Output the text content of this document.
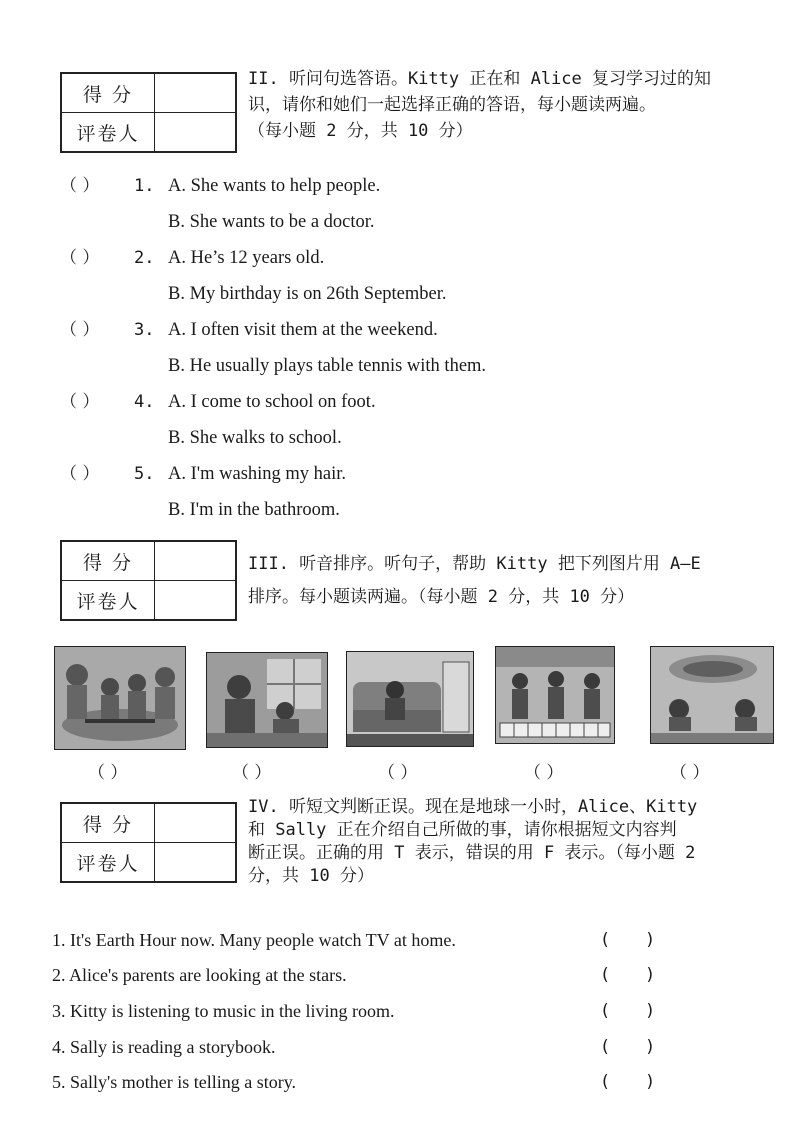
得 分	
评卷人	
II. 听问句选答语。Kitty 正在和 Alice 复习学习过的知
识，请你和她们一起选择正确的答语，每小题读两遍。
（每小题 2 分，共 10 分）
（ ） 1. A. She wants to help people.
B. She wants to be a doctor.
（ ） 2. A. He’s 12 years old.
B. My birthday is on 26th September.
（ ） 3. A. I often visit them at the weekend.
B. He usually plays table tennis with them.
（ ） 4. A. I come to school on foot.
B. She walks to school.
（ ） 5. A. I'm washing my hair.
B. I'm in the bathroom.
得 分	
评卷人	
III. 听音排序。听句子，帮助 Kitty 把下列图片用 A—E
排序。每小题读两遍。（每小题 2 分，共 10 分）
（ ）	（ ）	（ ）	（ ）	（ ）
得 分	
评卷人	
IV. 听短文判断正误。现在是地球一小时，Alice、Kitty
和 Sally 正在介绍自己所做的事，请你根据短文内容判
断正误。正确的用 T 表示，错误的用 F 表示。（每小题 2
分，共 10 分）
1. It's Earth Hour now. Many people watch TV at home.	(       )
2. Alice's parents are looking at the stars.	(       )
3. Kitty is listening to music in the living room.	(       )
4. Sally is reading a storybook.	(       )
5. Sally's mother is telling a story.	(       )
